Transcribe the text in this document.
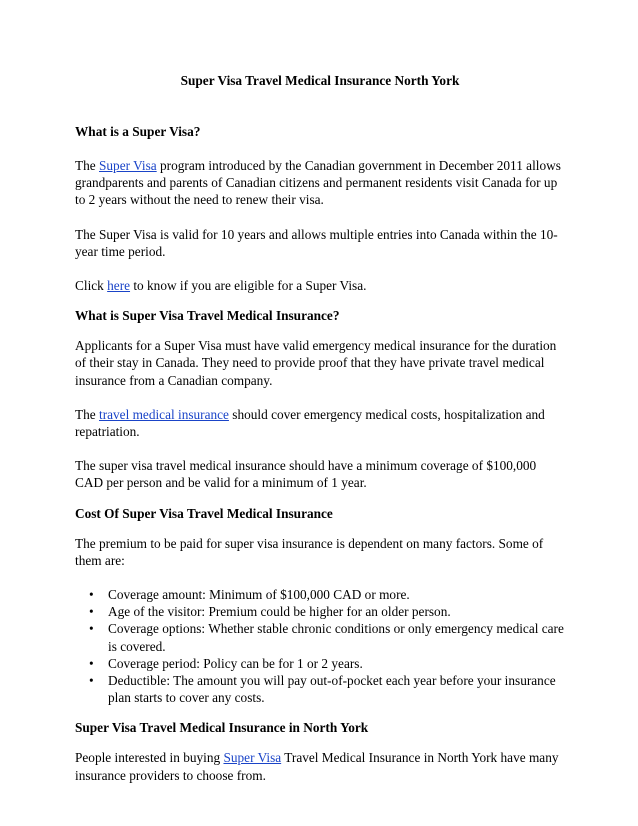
Super Visa Travel Medical Insurance North York

What is a Super Visa?

The Super Visa program introduced by the Canadian government in December 2011 allows grandparents and parents of Canadian citizens and permanent residents visit Canada for up to 2 years without the need to renew their visa.

The Super Visa is valid for 10 years and allows multiple entries into Canada within the 10-year time period.

Click here to know if you are eligible for a Super Visa.

What is Super Visa Travel Medical Insurance?

Applicants for a Super Visa must have valid emergency medical insurance for the duration of their stay in Canada. They need to provide proof that they have private travel medical insurance from a Canadian company.

The travel medical insurance should cover emergency medical costs, hospitalization and repatriation.

The super visa travel medical insurance should have a minimum coverage of $100,000 CAD per person and be valid for a minimum of 1 year.

Cost Of Super Visa Travel Medical Insurance

The premium to be paid for super visa insurance is dependent on many factors. Some of them are:

• Coverage amount: Minimum of $100,000 CAD or more.
• Age of the visitor: Premium could be higher for an older person.
• Coverage options: Whether stable chronic conditions or only emergency medical care is covered.
• Coverage period: Policy can be for 1 or 2 years.
• Deductible: The amount you will pay out-of-pocket each year before your insurance plan starts to cover any costs.

Super Visa Travel Medical Insurance in North York

People interested in buying Super Visa Travel Medical Insurance in North York have many insurance providers to choose from.
